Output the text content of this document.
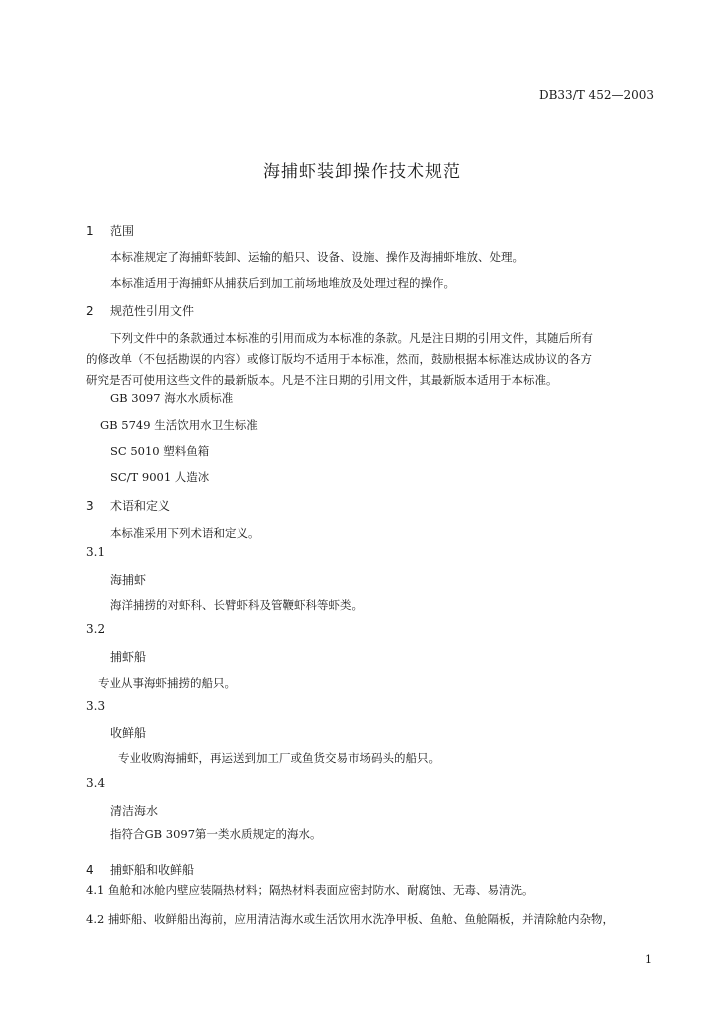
DB33/T 452—2003
海捕虾装卸操作技术规范
1 范围
本标准规定了海捕虾装卸、运输的船只、设备、设施、操作及海捕虾堆放、处理。
本标准适用于海捕虾从捕获后到加工前场地堆放及处理过程的操作。
2 规范性引用文件
下列文件中的条款通过本标准的引用而成为本标准的条款。凡是注日期的引用文件，其随后所有
的修改单（不包括勘误的内容）或修订版均不适用于本标准，然而，鼓励根据本标准达成协议的各方
研究是否可使用这些文件的最新版本。凡是不注日期的引用文件，其最新版本适用于本标准。
GB 3097 海水水质标准
GB 5749 生活饮用水卫生标准
SC 5010 塑料鱼箱
SC/T 9001 人造冰
3 术语和定义
本标准采用下列术语和定义。
3.1
海捕虾
海洋捕捞的对虾科、长臂虾科及管鞭虾科等虾类。
3.2
捕虾船
专业从事海虾捕捞的船只。
3.3
收鲜船
专业收购海捕虾，再运送到加工厂或鱼货交易市场码头的船只。
3.4
清洁海水
指符合GB 3097第一类水质规定的海水。
4 捕虾船和收鲜船
4.1 鱼舱和冰舱内壁应装隔热材料；隔热材料表面应密封防水、耐腐蚀、无毒、易清洗。
4.2 捕虾船、收鲜船出海前，应用清洁海水或生活饮用水洗净甲板、鱼舱、鱼舱隔板，并清除舱内杂物，
1
